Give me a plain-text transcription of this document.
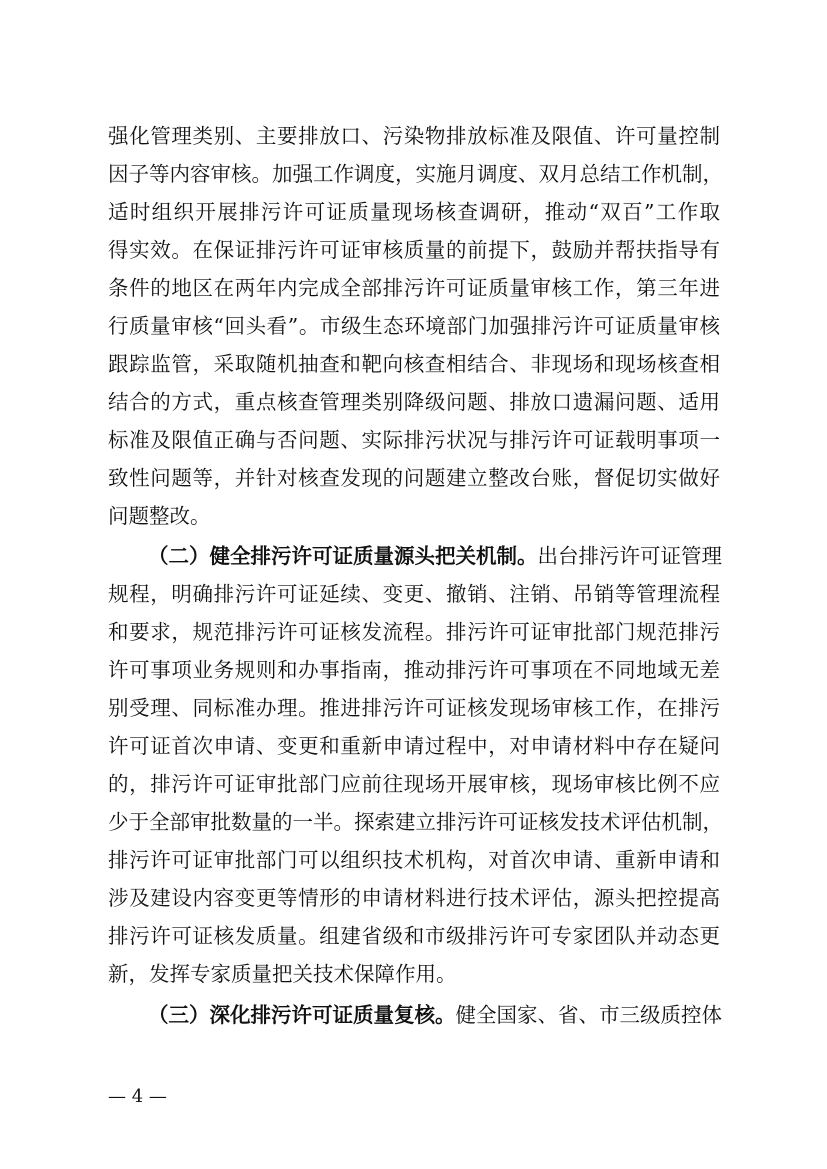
强化管理类别、主要排放口、污染物排放标准及限值、许可量控制
因子等内容审核。加强工作调度，实施月调度、双月总结工作机制，
适时组织开展排污许可证质量现场核查调研，推动“双百”工作取
得实效。在保证排污许可证审核质量的前提下，鼓励并帮扶指导有
条件的地区在两年内完成全部排污许可证质量审核工作，第三年进
行质量审核“回头看”。市级生态环境部门加强排污许可证质量审核
跟踪监管，采取随机抽查和靶向核查相结合、非现场和现场核查相
结合的方式，重点核查管理类别降级问题、排放口遗漏问题、适用
标准及限值正确与否问题、实际排污状况与排污许可证载明事项一
致性问题等，并针对核查发现的问题建立整改台账，督促切实做好
问题整改。
（二）健全排污许可证质量源头把关机制。出台排污许可证管理
规程，明确排污许可证延续、变更、撤销、注销、吊销等管理流程
和要求，规范排污许可证核发流程。排污许可证审批部门规范排污
许可事项业务规则和办事指南，推动排污许可事项在不同地域无差
别受理、同标准办理。推进排污许可证核发现场审核工作，在排污
许可证首次申请、变更和重新申请过程中，对申请材料中存在疑问
的，排污许可证审批部门应前往现场开展审核，现场审核比例不应
少于全部审批数量的一半。探索建立排污许可证核发技术评估机制，
排污许可证审批部门可以组织技术机构，对首次申请、重新申请和
涉及建设内容变更等情形的申请材料进行技术评估，源头把控提高
排污许可证核发质量。组建省级和市级排污许可专家团队并动态更
新，发挥专家质量把关技术保障作用。
（三）深化排污许可证质量复核。健全国家、省、市三级质控体
— 4 —
